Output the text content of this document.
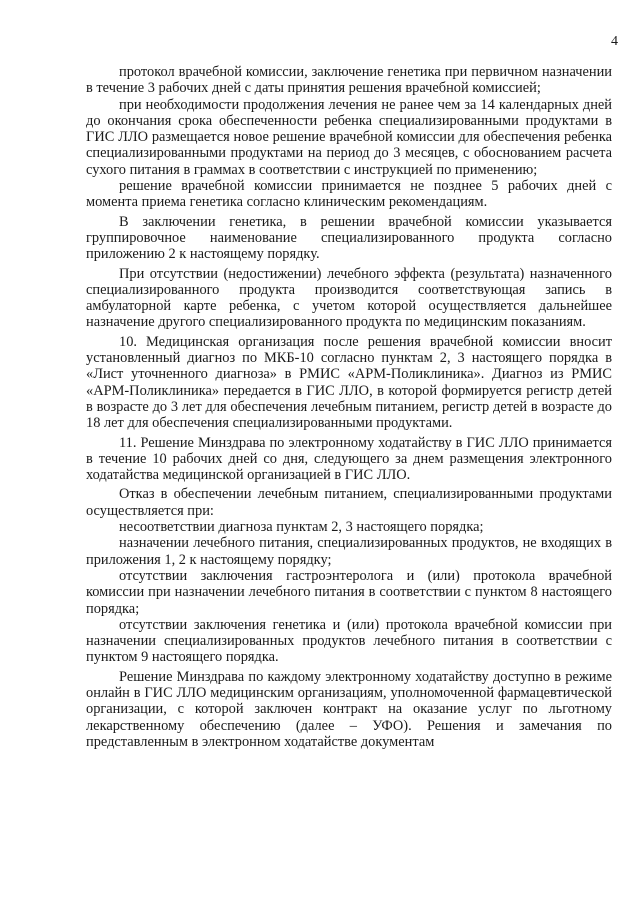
4

протокол врачебной комиссии, заключение генетика при первичном назначении в течение 3 рабочих дней с даты принятия решения врачебной комиссией;

при необходимости продолжения лечения не ранее чем за 14 календарных дней до окончания срока обеспеченности ребенка специализированными продуктами в ГИС ЛЛО размещается новое решение врачебной комиссии для обеспечения ребенка специализированными продуктами на период до 3 месяцев, с обоснованием расчета сухого питания в граммах в соответствии с инструкцией по применению;

решение врачебной комиссии принимается не позднее 5 рабочих дней с момента приема генетика согласно клиническим рекомендациям.

В заключении генетика, в решении врачебной комиссии указывается группировочное наименование специализированного продукта согласно приложению 2 к настоящему порядку.

При отсутствии (недостижении) лечебного эффекта (результата) назначенного специализированного продукта производится соответствующая запись в амбулаторной карте ребенка, с учетом которой осуществляется дальнейшее назначение другого специализированного продукта по медицинским показаниям.

10. Медицинская организация после решения врачебной комиссии вносит установленный диагноз по МКБ-10 согласно пунктам 2, 3 настоящего порядка в «Лист уточненного диагноза» в РМИС «АРМ-Поликлиника». Диагноз из РМИС «АРМ-Поликлиника» передается в ГИС ЛЛО, в которой формируется регистр детей в возрасте до 3 лет для обеспечения лечебным питанием, регистр детей в возрасте до 18 лет для обеспечения специализированными продуктами.

11. Решение Минздрава по электронному ходатайству в ГИС ЛЛО принимается в течение 10 рабочих дней со дня, следующего за днем размещения электронного ходатайства медицинской организацией в ГИС ЛЛО.

Отказ в обеспечении лечебным питанием, специализированными продуктами осуществляется при:

несоответствии диагноза пунктам 2, 3 настоящего порядка;

назначении лечебного питания, специализированных продуктов, не входящих в приложения 1, 2 к настоящему порядку;

отсутствии заключения гастроэнтеролога и (или) протокола врачебной комиссии при назначении лечебного питания в соответствии с пунктом 8 настоящего порядка;

отсутствии заключения генетика и (или) протокола врачебной комиссии при назначении специализированных продуктов лечебного питания в соответствии с пунктом 9 настоящего порядка.

Решение Минздрава по каждому электронному ходатайству доступно в режиме онлайн в ГИС ЛЛО медицинским организациям, уполномоченной фармацевтической организации, с которой заключен контракт на оказание услуг по льготному лекарственному обеспечению (далее – УФО). Решения и замечания по представленным в электронном ходатайстве документам
